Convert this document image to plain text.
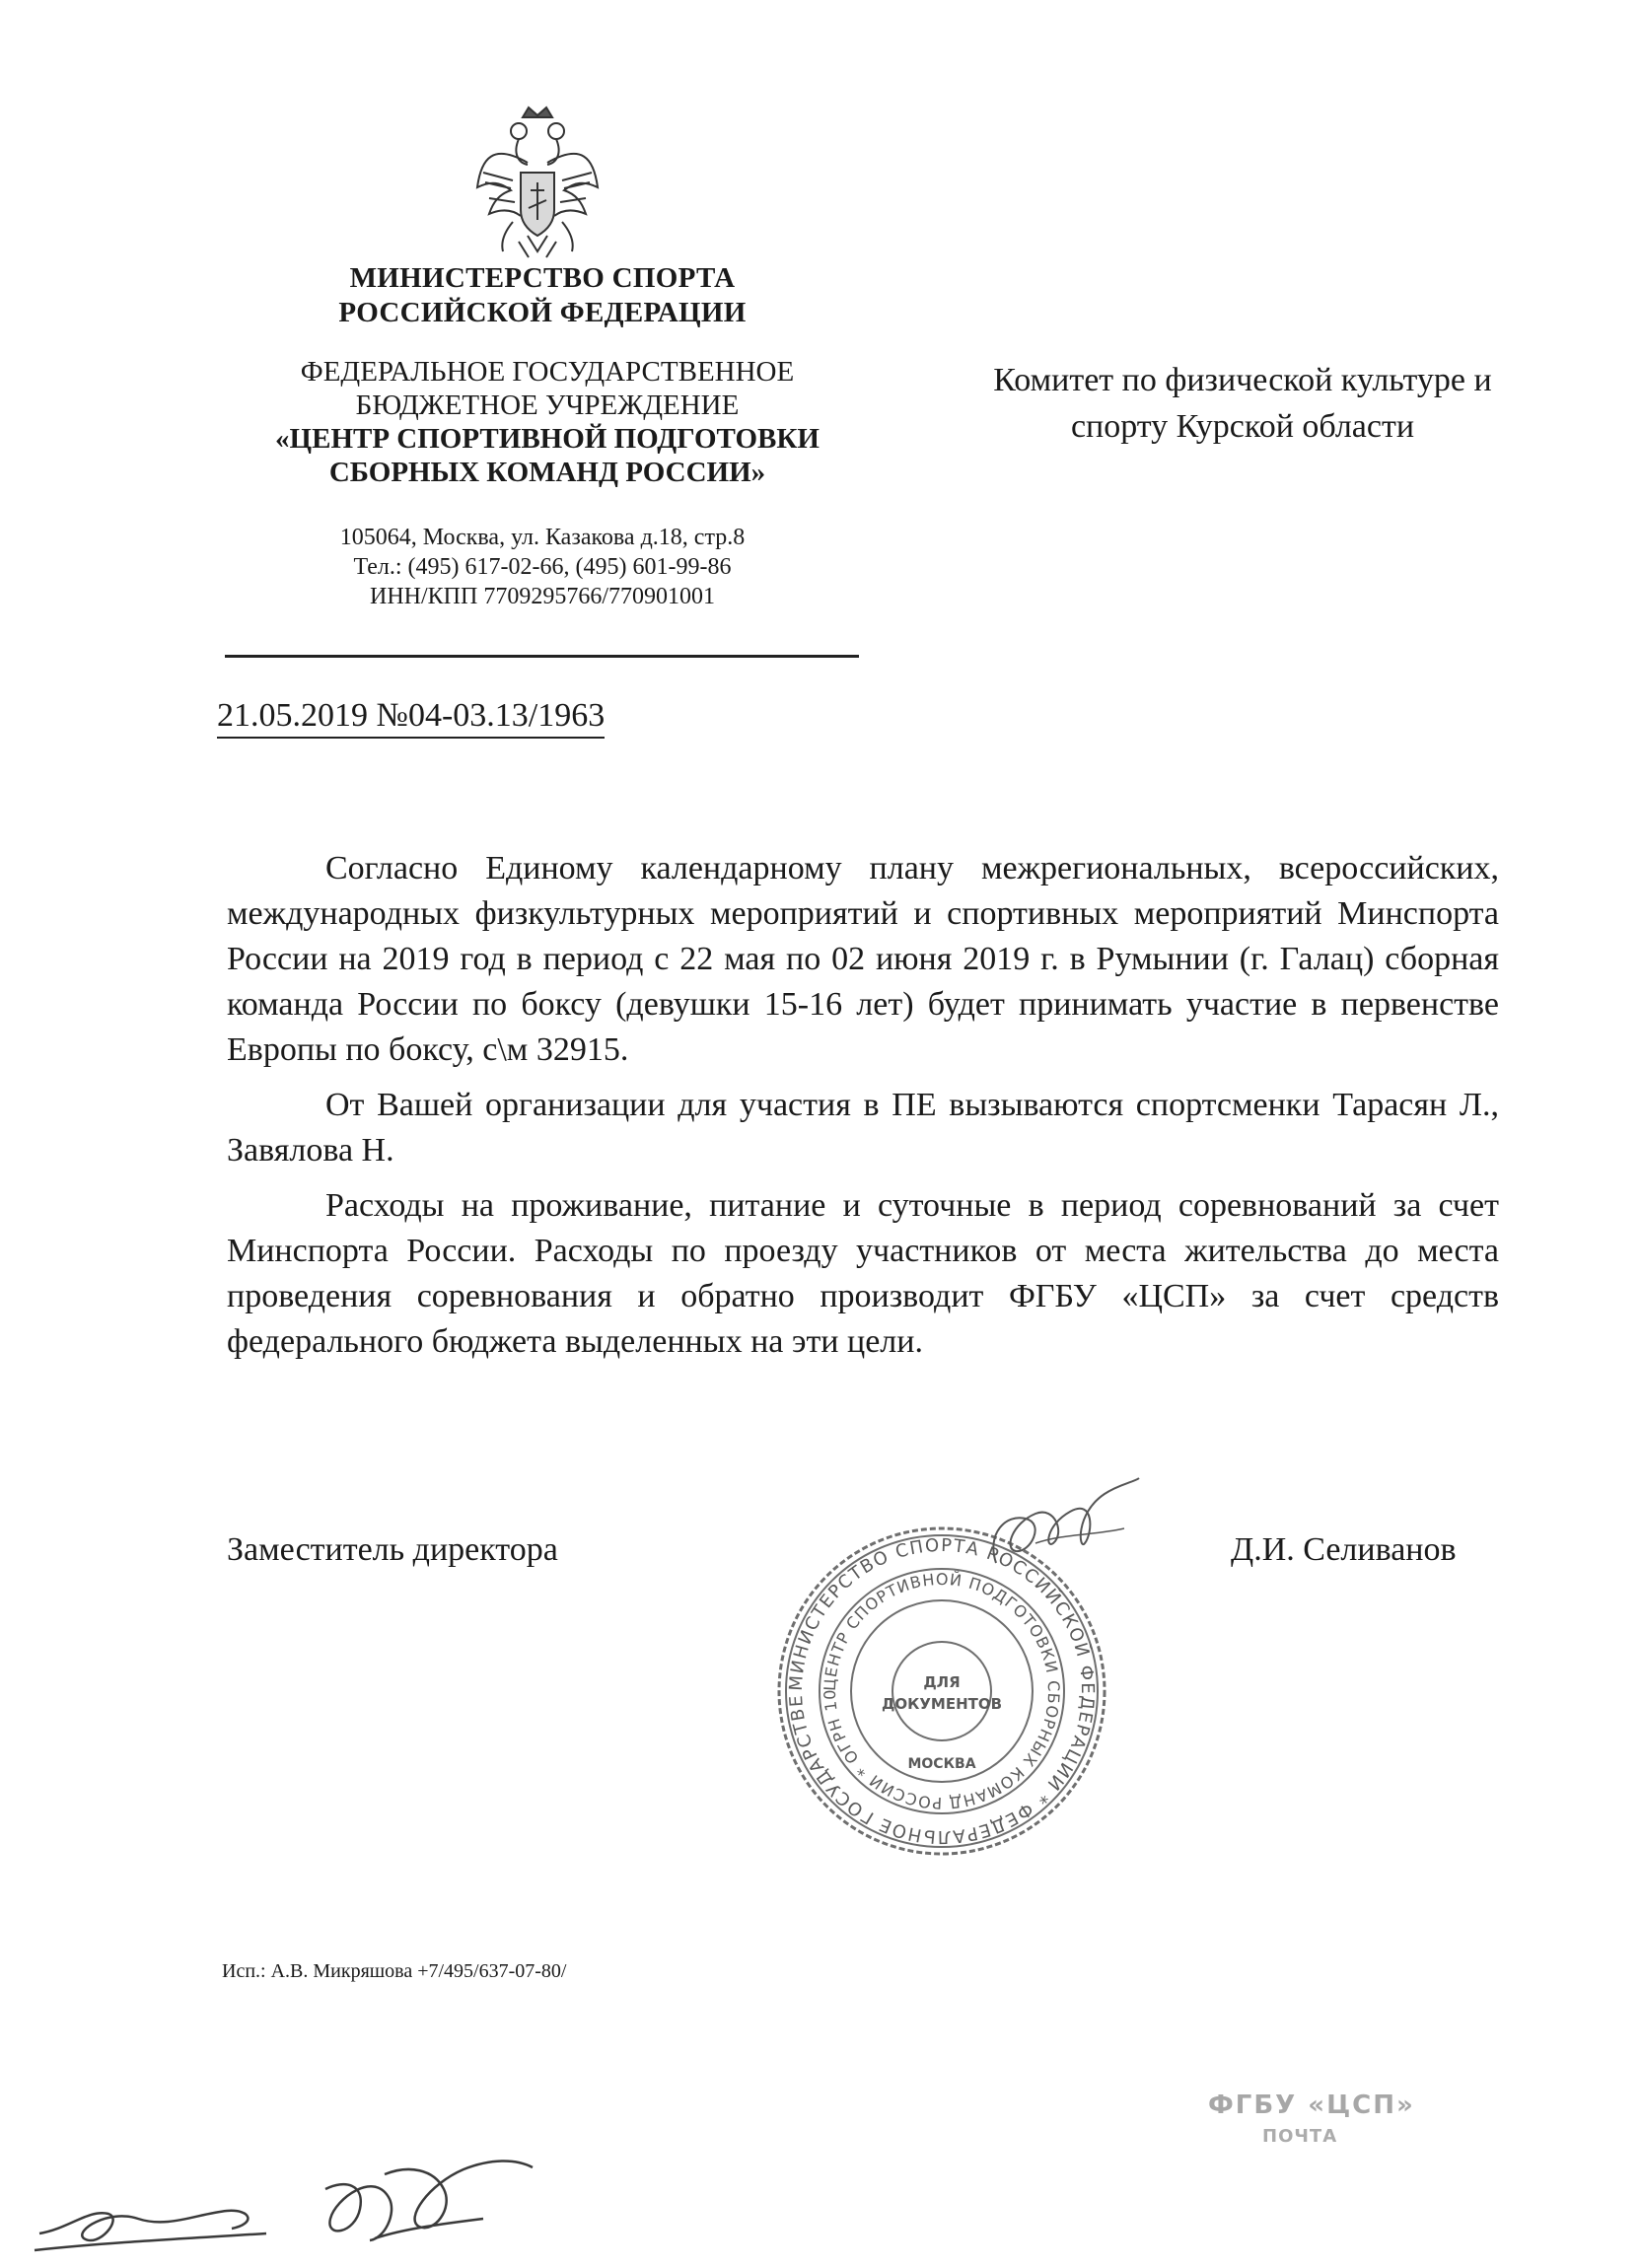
МИНИСТЕРСТВО СПОРТА
РОССИЙСКОЙ ФЕДЕРАЦИИ
ФЕДЕРАЛЬНОЕ ГОСУДАРСТВЕННОЕ
БЮДЖЕТНОЕ УЧРЕЖДЕНИЕ
«ЦЕНТР СПОРТИВНОЙ ПОДГОТОВКИ
СБОРНЫХ КОМАНД РОССИИ»
105064, Москва, ул. Казакова д.18, стр.8
Тел.: (495) 617-02-66, (495) 601-99-86
ИНН/КПП 7709295766/770901001
Комитет по физической культуре и
спорту Курской области
21.05.2019 №04-03.13/1963

Согласно Единому календарному плану межрегиональных, всероссийских, международных физкультурных мероприятий и спортивных мероприятий Минспорта России на 2019 год в период с 22 мая по 02 июня 2019 г. в Румынии (г. Галац) сборная команда России по боксу (девушки 15-16 лет) будет принимать участие в первенстве Европы по боксу, с\м 32915.

От Вашей организации для участия в ПЕ вызываются спортсменки Тарасян Л., Завялова Н.

Расходы на проживание, питание и суточные в период соревнований за счет Минспорта России. Расходы по проезду участников от места жительства до места проведения соревнования и обратно производит ФГБУ «ЦСП» за счет средств федерального бюджета выделенных на эти цели.

Заместитель директора	Д.И. Селиванов
МИНИСТЕРСТВО СПОРТА РОССИЙСКОЙ ФЕДЕРАЦИИ * ФЕДЕРАЛЬНОЕ ГОСУДАРСТВЕ
ЦЕНТР СПОРТИВНОЙ ПОДГОТОВКИ СБОРНЫХ КОМАНД РОССИИ * ОГРН 10
ДЛЯ
ДОКУМЕНТОВ
МОСКВА
Исп.: А.В. Микряшова +7/495/637-07-80/
ФГБУ «ЦСП»
ПОЧТА
